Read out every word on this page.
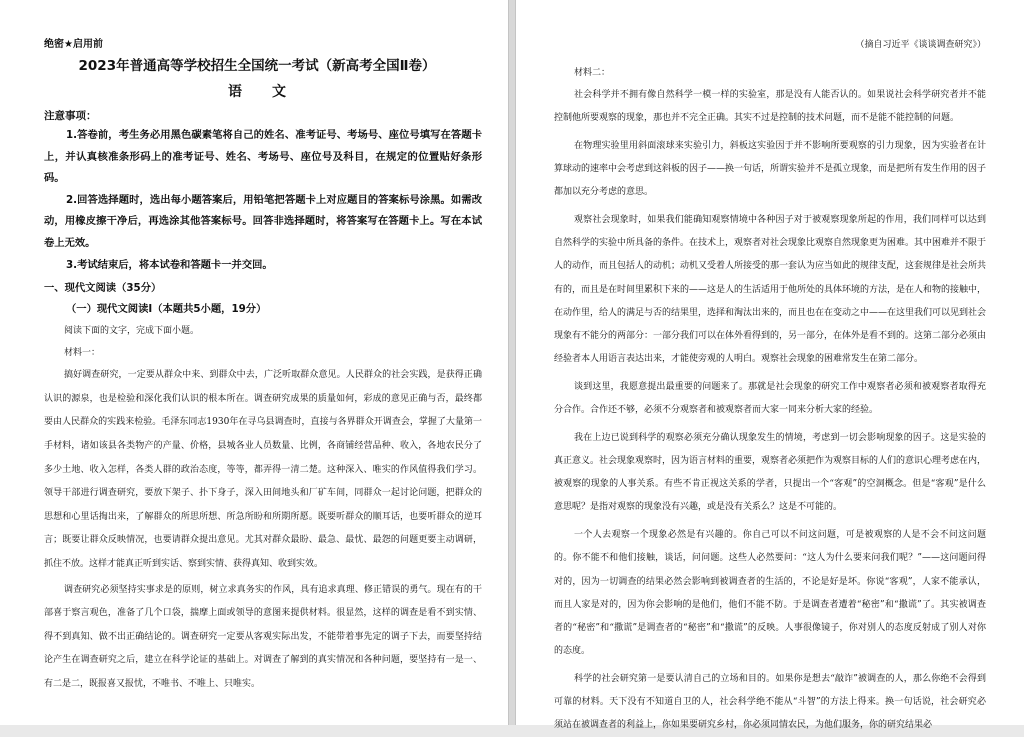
绝密★启用前
2023年普通高等学校招生全国统一考试（新高考全国Ⅱ卷）
语文
注意事项：
1.答卷前，考生务必用黑色碳素笔将自己的姓名、准考证号、考场号、座位号填写在答题卡上，并认真核准条形码上的准考证号、姓名、考场号、座位号及科目，在规定的位置贴好条形码。
2.回答选择题时，选出每小题答案后，用铅笔把答题卡上对应题目的答案标号涂黑。如需改动，用橡皮擦干净后，再选涂其他答案标号。回答非选择题时，将答案写在答题卡上。写在本试卷上无效。
3.考试结束后，将本试卷和答题卡一并交回。
一、现代文阅读（35分）
（一）现代文阅读Ⅰ（本题共5小题，19分）
阅读下面的文字，完成下面小题。
材料一：
搞好调查研究，一定要从群众中来、到群众中去，广泛听取群众意见。人民群众的社会实践，是获得正确认识的源泉，也是检验和深化我们认识的根本所在。调查研究成果的质量如何，彩成的意见正确与否，最终都要由人民群众的实践来检验。毛泽东同志1930年在寻乌县调查时，直接与各界群众开调查会，掌握了大量第一手材料，诸如该县各类物产的产量、价格，县城各业人员数量、比例，各商铺经营品种、收入，各地农民分了多少土地、收入怎样，各类人群的政治态度，等等，都弄得一清二楚。这种深入、唯实的作风值得我们学习。领导干部进行调查研究，要放下架子、扑下身子，深入田间地头和厂矿车间，同群众一起讨论问题，把群众的思想和心里话掏出来，了解群众的所思所想、所急所盼和所期所愿。既要听群众的顺耳话，也要听群众的逆耳言；既要让群众反映情况，也要请群众提出意见。尤其对群众最盼、最急、最忧、最怨的问题更要主动调研，抓住不放。这样才能真正听到实话、察到实情、获得真知、收到实效。
调查研究必须坚持实事求是的原则，树立求真务实的作风，具有追求真理、修正错误的勇气。现在有的干部喜于察言观色，准备了几个口袋，揣摩上面或领导的意图来提供材料。很显然，这样的调查是看不到实情、得不到真知、做不出正确结论的。调查研究一定要从客观实际出发，不能带着事先定的调子下去，而要坚持结论产生在调查研究之后，建立在科学论证的基础上。对调查了解到的真实情况和各种问题，要坚持有一是一、有二是二，既报喜又报忧，不唯书、不唯上、只唯实。
（摘自习近平《谈谈调查研究》）
材料二：
社会科学并不拥有像自然科学一模一样的实验室，那是没有人能否认的。如果说社会科学研究者并不能控制他所要观察的现象，那也并不完全正确。其实不过是控制的技术问题，而不是能不能控制的问题。
在物理实验里用斜面滚球来实验引力，斜板这实验因于并不影响所要观察的引力现象，因为实验者在计算球动的速率中会考虑到这斜板的因子——换一句话，所谓实验并不是孤立现象，而是把所有发生作用的因子都加以充分考虑的意思。
观察社会现象时，如果我们能确知观察情境中各种因子对于被观察现象所起的作用，我们同样可以达到自然科学的实验中所具备的条件。在技术上，观察者对社会现象比观察自然现象更为困难。其中困难并不限于人的动作，而且包括人的动机；动机又受着人所接受的那一套认为应当如此的规律支配，这套规律是社会所共有的，而且是在时间里累积下来的——这是人的生活适用于他所处的具体环境的方法，是在人和物的接触中，在动作里，给人的满足与否的结果里，选择和淘汰出来的，而且也在在变动之中——在这里我们可以见到社会现象有不能分的两部分：一部分我们可以在体外看得到的，另一部分，在体外是看不到的。这第二部分必须由经验者本人用语言表达出来，才能使旁观的人明白。观察社会现象的困难常发生在第二部分。
谈到这里，我愿意提出最重要的问题来了。那就是社会现象的研究工作中观察者必须和被观察者取得充分合作。合作还不够，必须不分观察者和被观察者而大家一同来分析大家的经验。
我在上边已说到科学的观察必须充分确认现象发生的情境，考虑到一切会影响现象的因子。这是实验的真正意义。社会现象观察时，因为语言材料的重要，观察者必须把作为观察目标的人们的意识心理考虑在内，被观察的现象的人事关系。有些不肯正视这关系的学者，只提出一个“客观”的空洞概念。但是“客观”是什么意思呢？是指对观察的现象没有兴趣，或是没有关系么？这是不可能的。
一个人去观察一个现象必然是有兴趣的。你自己可以不问这问题，可是被观察的人是不会不问这问题的。你不能不和他们接触，谈话，问问题。这些人必然要问：“这人为什么要来问我们呢？”——这问题问得对的，因为一切调查的结果必然会影响到被调查者的生活的，不论是好是坏。你说“客观”，人家不能承认，而且人家是对的，因为你会影响的是他们，他们不能不防。于是调查者遭着“秘密”和“撒谎”了。其实被调查者的“秘密”和“撒谎”是调查者的“秘密”和“撒谎”的反映。人事很像镜子，你对别人的态度反射成了别人对你的态度。
科学的社会研究第一是要认清自己的立场和目的。如果你是想去“敲诈”被调查的人，那么你绝不会得到可靠的材料。天下没有不知道自卫的人，社会科学绝不能从“斗智”的方法上得来。换一句话说，社会研究必须站在被调查者的利益上，你如果要研究乡村，你必须同情农民，为他们服务，你的研究结果必
